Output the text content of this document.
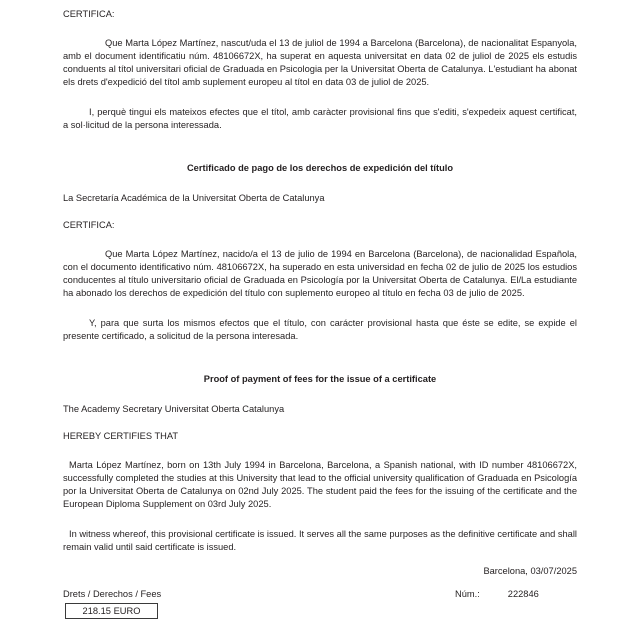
CERTIFICA:

Que Marta López Martínez, nascut/uda el 13 de juliol de 1994 a Barcelona (Barcelona), de nacionalitat Espanyola, amb el document identificatiu núm. 48106672X, ha superat en aquesta universitat en data 02 de juliol de 2025 els estudis conduents al títol universitari oficial de Graduada en Psicologia per la Universitat Oberta de Catalunya. L'estudiant ha abonat els drets d'expedició del títol amb suplement europeu al títol en data 03 de juliol de 2025.

I, perquè tingui els mateixos efectes que el títol, amb caràcter provisional fins que s'editi, s'expedeix aquest certificat, a sol·licitud de la persona interessada.

Certificado de pago de los derechos de expedición del título
La Secretaría Académica de la Universitat Oberta de Catalunya
CERTIFICA:

Que Marta López Martínez, nacido/a el 13 de julio de 1994 en Barcelona (Barcelona), de nacionalidad Española, con el documento identificativo núm. 48106672X, ha superado en esta universidad en fecha 02 de julio de 2025 los estudios conducentes al título universitario oficial de Graduada en Psicología por la Universitat Oberta de Catalunya. El/La estudiante ha abonado los derechos de expedición del título con suplemento europeo al título en fecha 03 de julio de 2025.

Y, para que surta los mismos efectos que el título, con carácter provisional hasta que éste se edite, se expide el presente certificado, a solicitud de la persona interesada.

Proof of payment of fees for the issue of a certificate
The Academy Secretary Universitat Oberta Catalunya
HEREBY CERTIFIES THAT

Marta López Martínez, born on 13th July 1994 in Barcelona, Barcelona, a Spanish national, with ID number 48106672X, successfully completed the studies at this University that lead to the official university qualification of Graduada en Psicología por la Universitat Oberta de Catalunya on 02nd July 2025. The student paid the fees for the issuing of the certificate and the European Diploma Supplement on 03rd July 2025.

In witness whereof, this provisional certificate is issued. It serves all the same purposes as the definitive certificate and shall remain valid until said certificate is issued.

Barcelona, 03/07/2025
Núm.:	222846
Drets / Derechos / Fees
218.15 EURO
